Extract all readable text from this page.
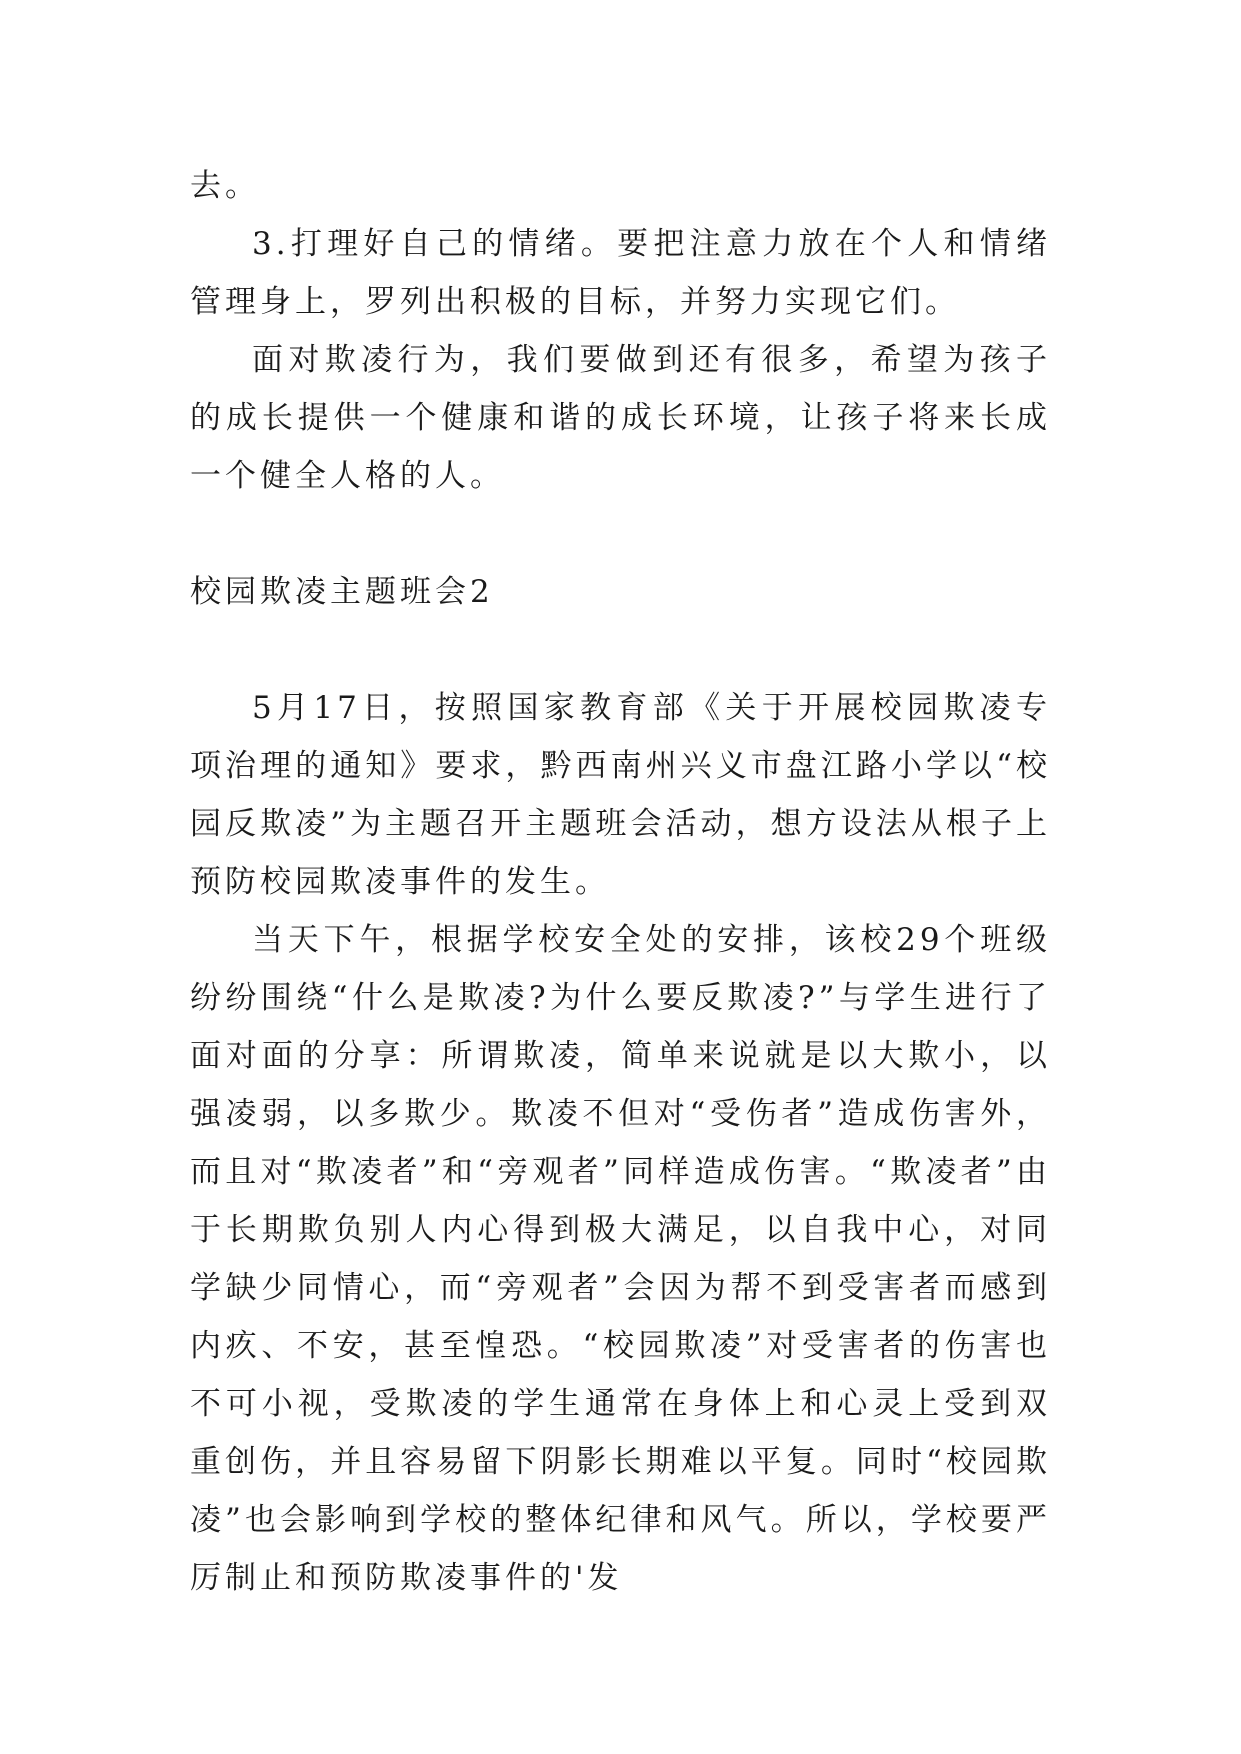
去。

3.打理好自己的情绪。要把注意力放在个人和情绪管理身上，罗列出积极的目标，并努力实现它们。

面对欺凌行为，我们要做到还有很多，希望为孩子的成长提供一个健康和谐的成长环境，让孩子将来长成一个健全人格的人。

校园欺凌主题班会2

5月17日，按照国家教育部《关于开展校园欺凌专项治理的通知》要求，黔西南州兴义市盘江路小学以“校园反欺凌”为主题召开主题班会活动，想方设法从根子上预防校园欺凌事件的发生。

当天下午，根据学校安全处的安排，该校29个班级纷纷围绕“什么是欺凌?为什么要反欺凌?”与学生进行了面对面的分享：所谓欺凌，简单来说就是以大欺小，以强凌弱，以多欺少。欺凌不但对“受伤者”造成伤害外，而且对“欺凌者”和“旁观者”同样造成伤害。“欺凌者”由于长期欺负别人内心得到极大满足，以自我中心，对同学缺少同情心，而“旁观者”会因为帮不到受害者而感到内疚、不安，甚至惶恐。“校园欺凌”对受害者的伤害也不可小视，受欺凌的学生通常在身体上和心灵上受到双重创伤，并且容易留下阴影长期难以平复。同时“校园欺凌”也会影响到学校的整体纪律和风气。所以，学校要严厉制止和预防欺凌事件的'发
